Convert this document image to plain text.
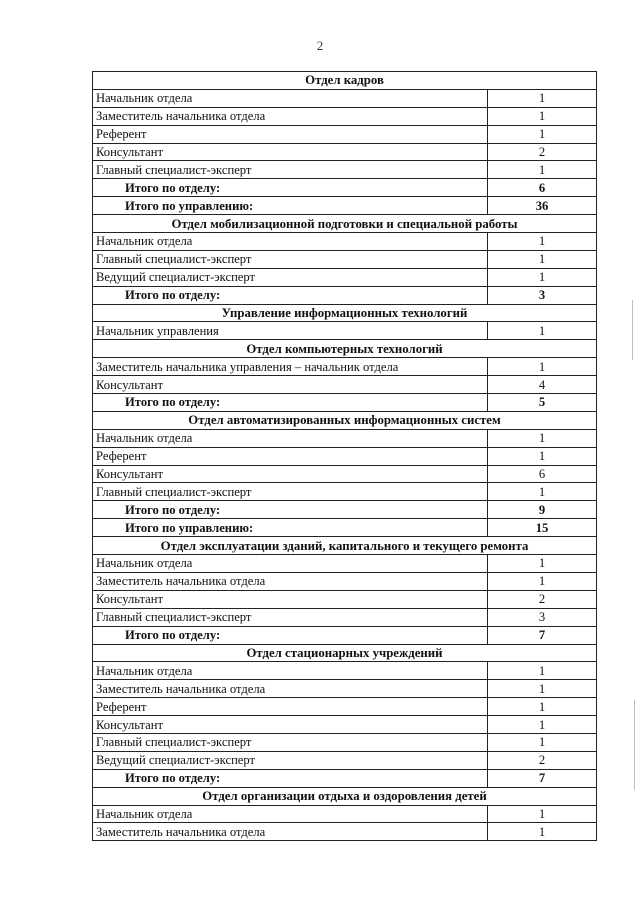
2
Отдел кадров	
Начальник отдела	1
Заместитель начальника отдела	1
Референт	1
Консультант	2
Главный специалист-эксперт	1
Итого по отделу:	6
Итого по управлению:	36
Отдел мобилизационной подготовки и специальной работы	
Начальник отдела	1
Главный специалист-эксперт	1
Ведущий специалист-эксперт	1
Итого по отделу:	3
Управление информационных технологий	
Начальник управления	1
Отдел компьютерных технологий	
Заместитель начальника управления – начальник отдела	1
Консультант	4
Итого по отделу:	5
Отдел автоматизированных информационных систем	
Начальник отдела	1
Референт	1
Консультант	6
Главный специалист-эксперт	1
Итого по отделу:	9
Итого по управлению:	15
Отдел эксплуатации зданий, капитального и текущего ремонта	
Начальник отдела	1
Заместитель начальника отдела	1
Консультант	2
Главный специалист-эксперт	3
Итого по отделу:	7
Отдел стационарных учреждений	
Начальник отдела	1
Заместитель начальника отдела	1
Референт	1
Консультант	1
Главный специалист-эксперт	1
Ведущий специалист-эксперт	2
Итого по отделу:	7
Отдел организации отдыха и оздоровления детей	
Начальник отдела	1
Заместитель начальника отдела	1
